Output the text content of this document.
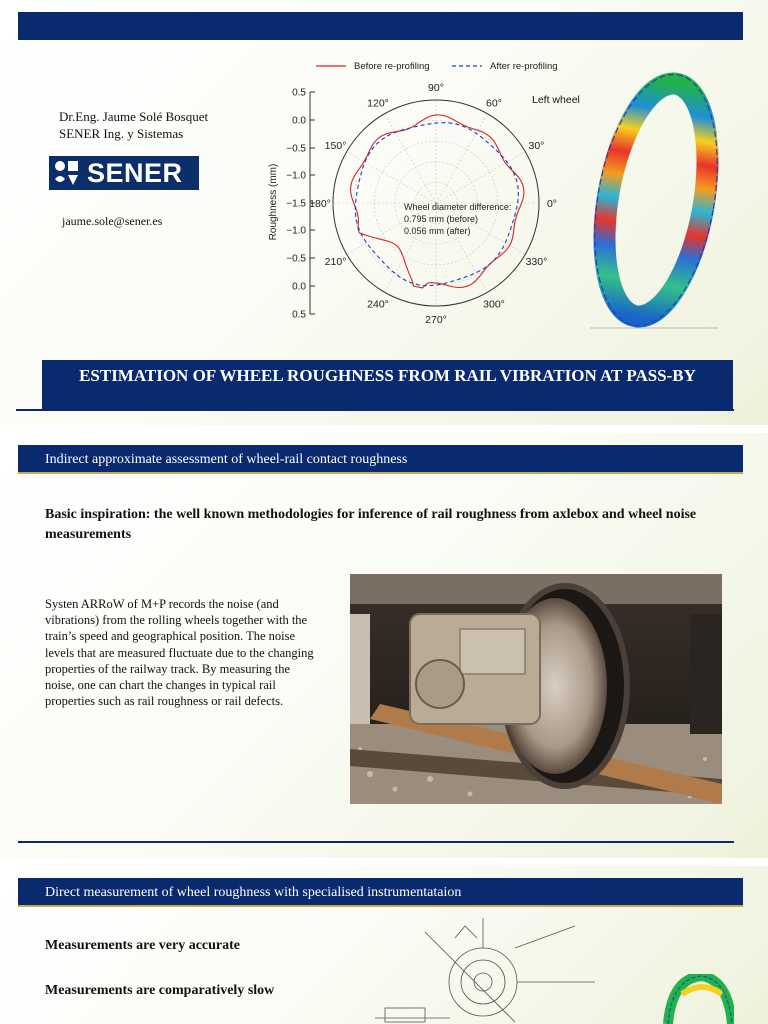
Dr.Eng. Jaume Solé Bosquet
SENER Ing. y Sistemas
SENER
jaume.sole@sener.es
Before re-profiling	After re-profiling
0.5
0.0
−0.5
−1.0
−1.5
−1.0
−0.5
0.0
0.5
Roughness (mm)
90°
60°
30°
0°
330°
300°
270°
240°
210°
180°
150°
120°	Left wheel
Wheel diameter difference:
0.795 mm (before)
0.056 mm (after)
ESTIMATION OF WHEEL ROUGHNESS FROM RAIL VIBRATION AT PASS-BY
Indirect approximate assessment of wheel-rail contact roughness
Basic inspiration: the well known methodologies for inference of rail roughness from axlebox and wheel noise measurements
Systen ARRoW of M+P records the noise (and vibrations) from the rolling wheels together with the train’s speed and geographical position. The noise levels that are measured fluctuate due to the changing properties of the railway track. By measuring the noise, one can chart the changes in typical rail properties such as rail roughness or rail defects.
Direct measurement of wheel roughness with specialised instrumentataion
Measurements are very accurate
Measurements are comparatively slow
